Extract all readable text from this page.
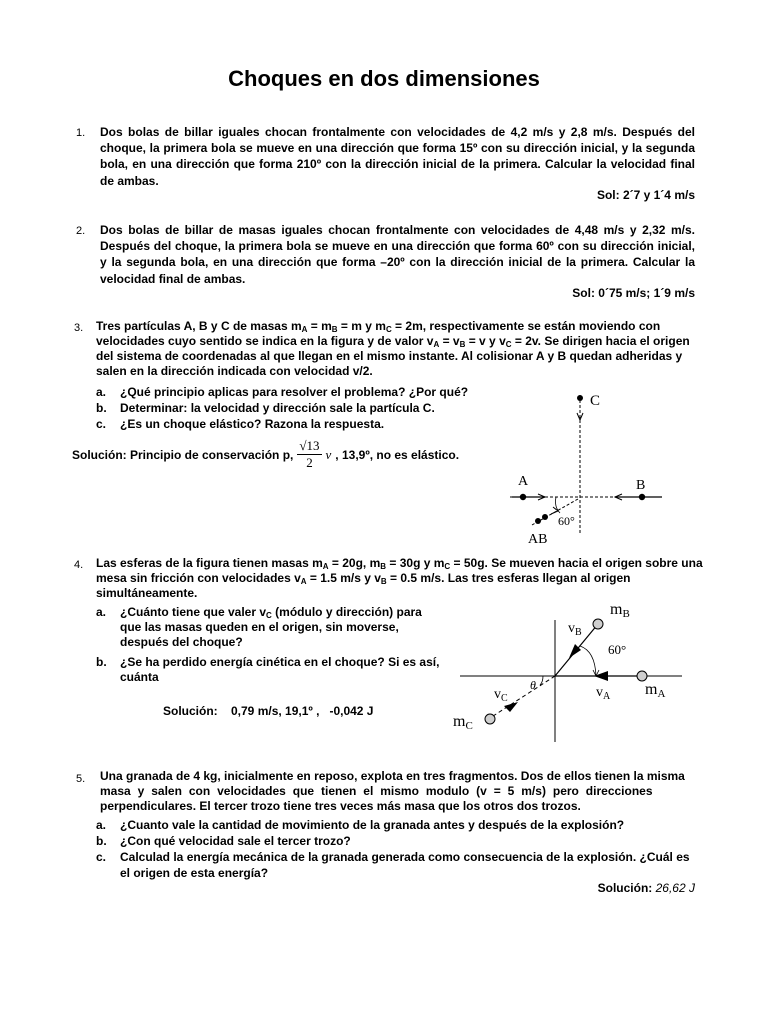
Choques en dos dimensiones
1. Dos bolas de billar iguales chocan frontalmente con velocidades de 4,2 m/s y 2,8 m/s. Después del choque, la primera bola se mueve en una dirección que forma 15º con su dirección inicial, y la segunda bola, en una dirección que forma 210º con la dirección inicial de la primera. Calcular la velocidad final de ambas.
Sol: 2´7 y 1´4 m/s
2. Dos bolas de billar de masas iguales chocan frontalmente con velocidades de 4,48 m/s y 2,32 m/s. Después del choque, la primera bola se mueve en una dirección que forma 60º con su dirección inicial, y la segunda bola, en una dirección que forma –20º con la dirección inicial de la primera. Calcular la velocidad final de ambas.
Sol: 0´75 m/s; 1´9 m/s
3. Tres partículas A, B y C de masas $m_A = m_B = m$ y $m_C = 2m$, respectivamente se están moviendo con
velocidades cuyo sentido se indica en la figura y de valor $v_A = v_B = v$ y $v_C = 2v$. Se dirigen hacia el origen
del sistema de coordenadas al que llegan en el mismo instante. Al colisionar A y B quedan adheridas y
salen en la dirección indicada con velocidad v/2.
a. ¿Qué principio aplicas para resolver el problema? ¿Por qué?
b. Determinar: la velocidad y dirección sale la partícula C.
c. ¿Es un choque elástico? Razona la respuesta.
Solución: Principio de conservación p, $\frac{√13}{2}$ v , 13,9º, no es elástico.
C
A	B
AB
60°
4. Las esferas de la figura tienen masas $m_A = 20g$, $m_B = 30g$ y $m_C = 50g$. Se mueven hacia el origen sobre una
mesa sin fricción con velocidades $v_A = 1.5$ m/s y $v_B = 0.5$ m/s. Las tres esferas llegan al origen
simultáneamente.
a. ¿Cuánto tiene que valer $v_C$ (módulo y dirección) para
que las masas queden en el origen, sin moverse,
después del choque?
b. ¿Se ha perdido energía cinética en el choque? Si es así,
cuánta
Solución:    0,79 m/s, 19,1º ,   -0,042 J
mB
$v_B$
60°
$v_A$ mA
θ
$v_C$
mC
5. Una granada de 4 kg, inicialmente en reposo, explota en tres fragmentos. Dos de ellos tienen la misma
masa y salen con velocidades que tienen el mismo modulo (v = 5 m/s) pero direcciones
perpendiculares. El tercer trozo tiene tres veces más masa que los otros dos trozos.
a. ¿Cuanto vale la cantidad de movimiento de la granada antes y después de la explosión?
b. ¿Con qué velocidad sale el tercer trozo?
c. Calculad la energía mecánica de la granada generada como consecuencia de la explosión. ¿Cuál es
el origen de esta energía?
Solución: 26,62 J
